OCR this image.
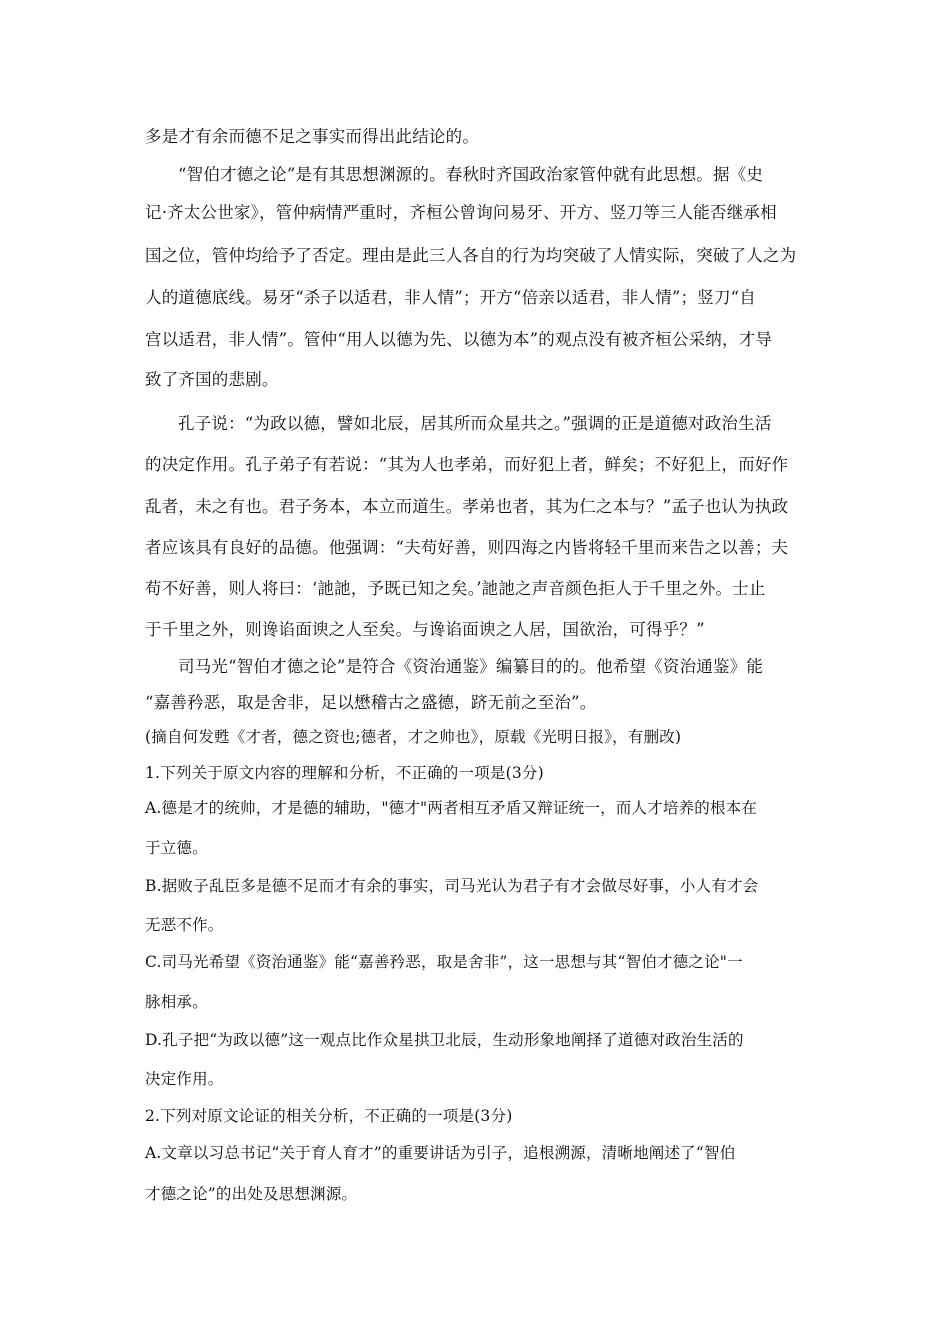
多是才有余而德不足之事实而得出此结论的。
“智伯才德之论”是有其思想渊源的。春秋时齐国政治家管仲就有此思想。据《史
记·齐太公世家》，管仲病情严重时，齐桓公曾询问易牙、开方、竖刀等三人能否继承相
国之位，管仲均给予了否定。理由是此三人各自的行为均突破了人情实际，突破了人之为
人的道德底线。易牙“杀子以适君，非人情”；开方“倍亲以适君，非人情”；竖刀“自
宫以适君，非人情”。管仲“用人以德为先、以德为本”的观点没有被齐桓公采纳，才导
致了齐国的悲剧。
孔子说：“为政以德，譬如北辰，居其所而众星共之。”强调的正是道德对政治生活
的决定作用。孔子弟子有若说：“其为人也孝弟，而好犯上者，鲜矣；不好犯上，而好作
乱者，未之有也。君子务本，本立而道生。孝弟也者，其为仁之本与？”孟子也认为执政
者应该具有良好的品德。他强调：“夫苟好善，则四海之内皆将轻千里而来告之以善；夫
苟不好善，则人将曰：‘訑訑，予既已知之矣。’訑訑之声音颜色拒人于千里之外。士止
于千里之外，则谗谄面谀之人至矣。与谗谄面谀之人居，国欲治，可得乎？”
司马光“智伯才德之论”是符合《资治通鉴》编纂目的的。他希望《资治通鉴》能
“嘉善矜恶，取是舍非，足以懋稽古之盛德，跻无前之至治”。
(摘自何发甦《才者，德之资也;德者，才之帅也》，原载《光明日报》，有删改)
1.下列关于原文内容的理解和分析，不正确的一项是(3分)
A.德是才的统帅，才是德的辅助，"德才"两者相互矛盾又辩证统一，而人才培养的根本在
于立德。
B.据败子乱臣多是德不足而才有余的事实，司马光认为君子有才会做尽好事，小人有才会
无恶不作。
C.司马光希望《资治通鉴》能“嘉善矜恶，取是舍非”，这一思想与其“智伯才德之论"一
脉相承。
D.孔子把“为政以德”这一观点比作众星拱卫北辰，生动形象地阐择了道德对政治生活的
决定作用。
2.下列对原文论证的相关分析，不正确的一项是(3分)
A.文章以习总书记“关于育人育才”的重要讲话为引子，追根溯源，清晰地阐述了“智伯
才德之论”的出处及思想渊源。
